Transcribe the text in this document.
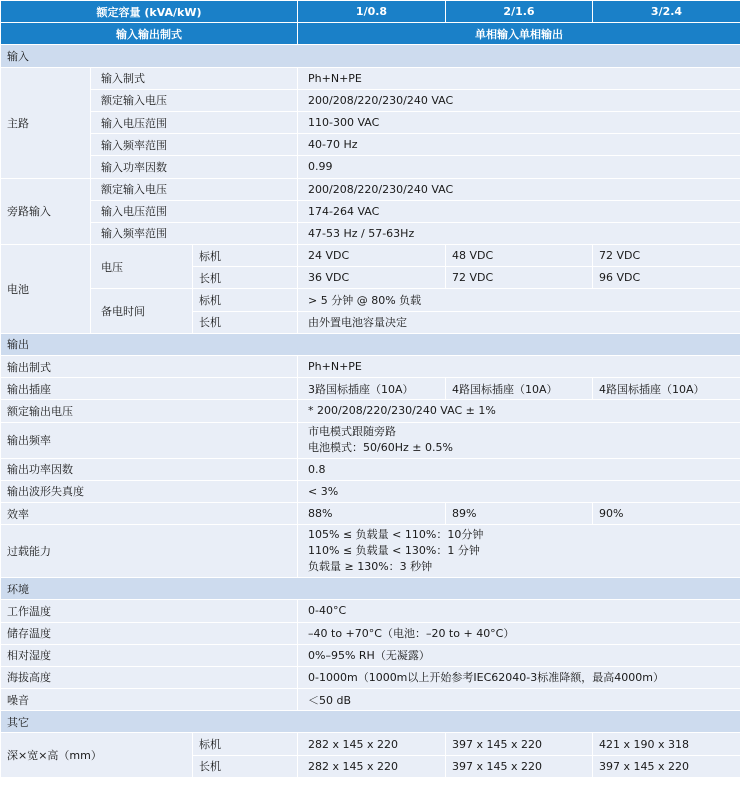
额定容量 (kVA/kW)			1/0.8	2/1.6	3/2.4
输入输出制式			单相输入单相输出		
输入					
主路	输入制式		Ph+N+PE		
	额定输入电压		200/208/220/230/240 VAC		
	输入电压范围		110-300 VAC		
	输入频率范围		40-70 Hz		
	输入功率因数		0.99		
旁路输入	额定输入电压		200/208/220/230/240 VAC		
	输入电压范围		174-264 VAC		
	输入频率范围		47-53 Hz / 57-63Hz		
电池	电压	标机	24 VDC	48 VDC	72 VDC
		长机	36 VDC	72 VDC	96 VDC
	备电时间	标机	> 5 分钟 @ 80% 负载		
		长机	由外置电池容量决定		
输出					
输出制式			Ph+N+PE		
输出插座			3路国标插座（10A）	4路国标插座（10A）	4路国标插座（10A）
额定输出电压			* 200/208/220/230/240 VAC ± 1%		
输出频率			市电模式跟随旁路
电池模式：50/60Hz ± 0.5%		
输出功率因数			0.8		
输出波形失真度			< 3%		
效率			88%	89%	90%
过载能力			105% ≤ 负载量 < 110%：10分钟
110% ≤ 负载量 < 130%：1 分钟
负载量 ≥ 130%：3 秒钟		
环境					
工作温度			0-40°C		
储存温度			–40 to +70°C（电池：–20 to + 40°C）		
相对湿度			0%–95% RH（无凝露）		
海拔高度			0-1000m（1000m以上开始参考IEC62040-3标准降额，最高4000m）		
噪音			＜50 dB		
其它					
深×宽×高（mm）		标机	282 x 145 x 220	397 x 145 x 220	421 x 190 x 318
		长机	282 x 145 x 220	397 x 145 x 220	397 x 145 x 220
